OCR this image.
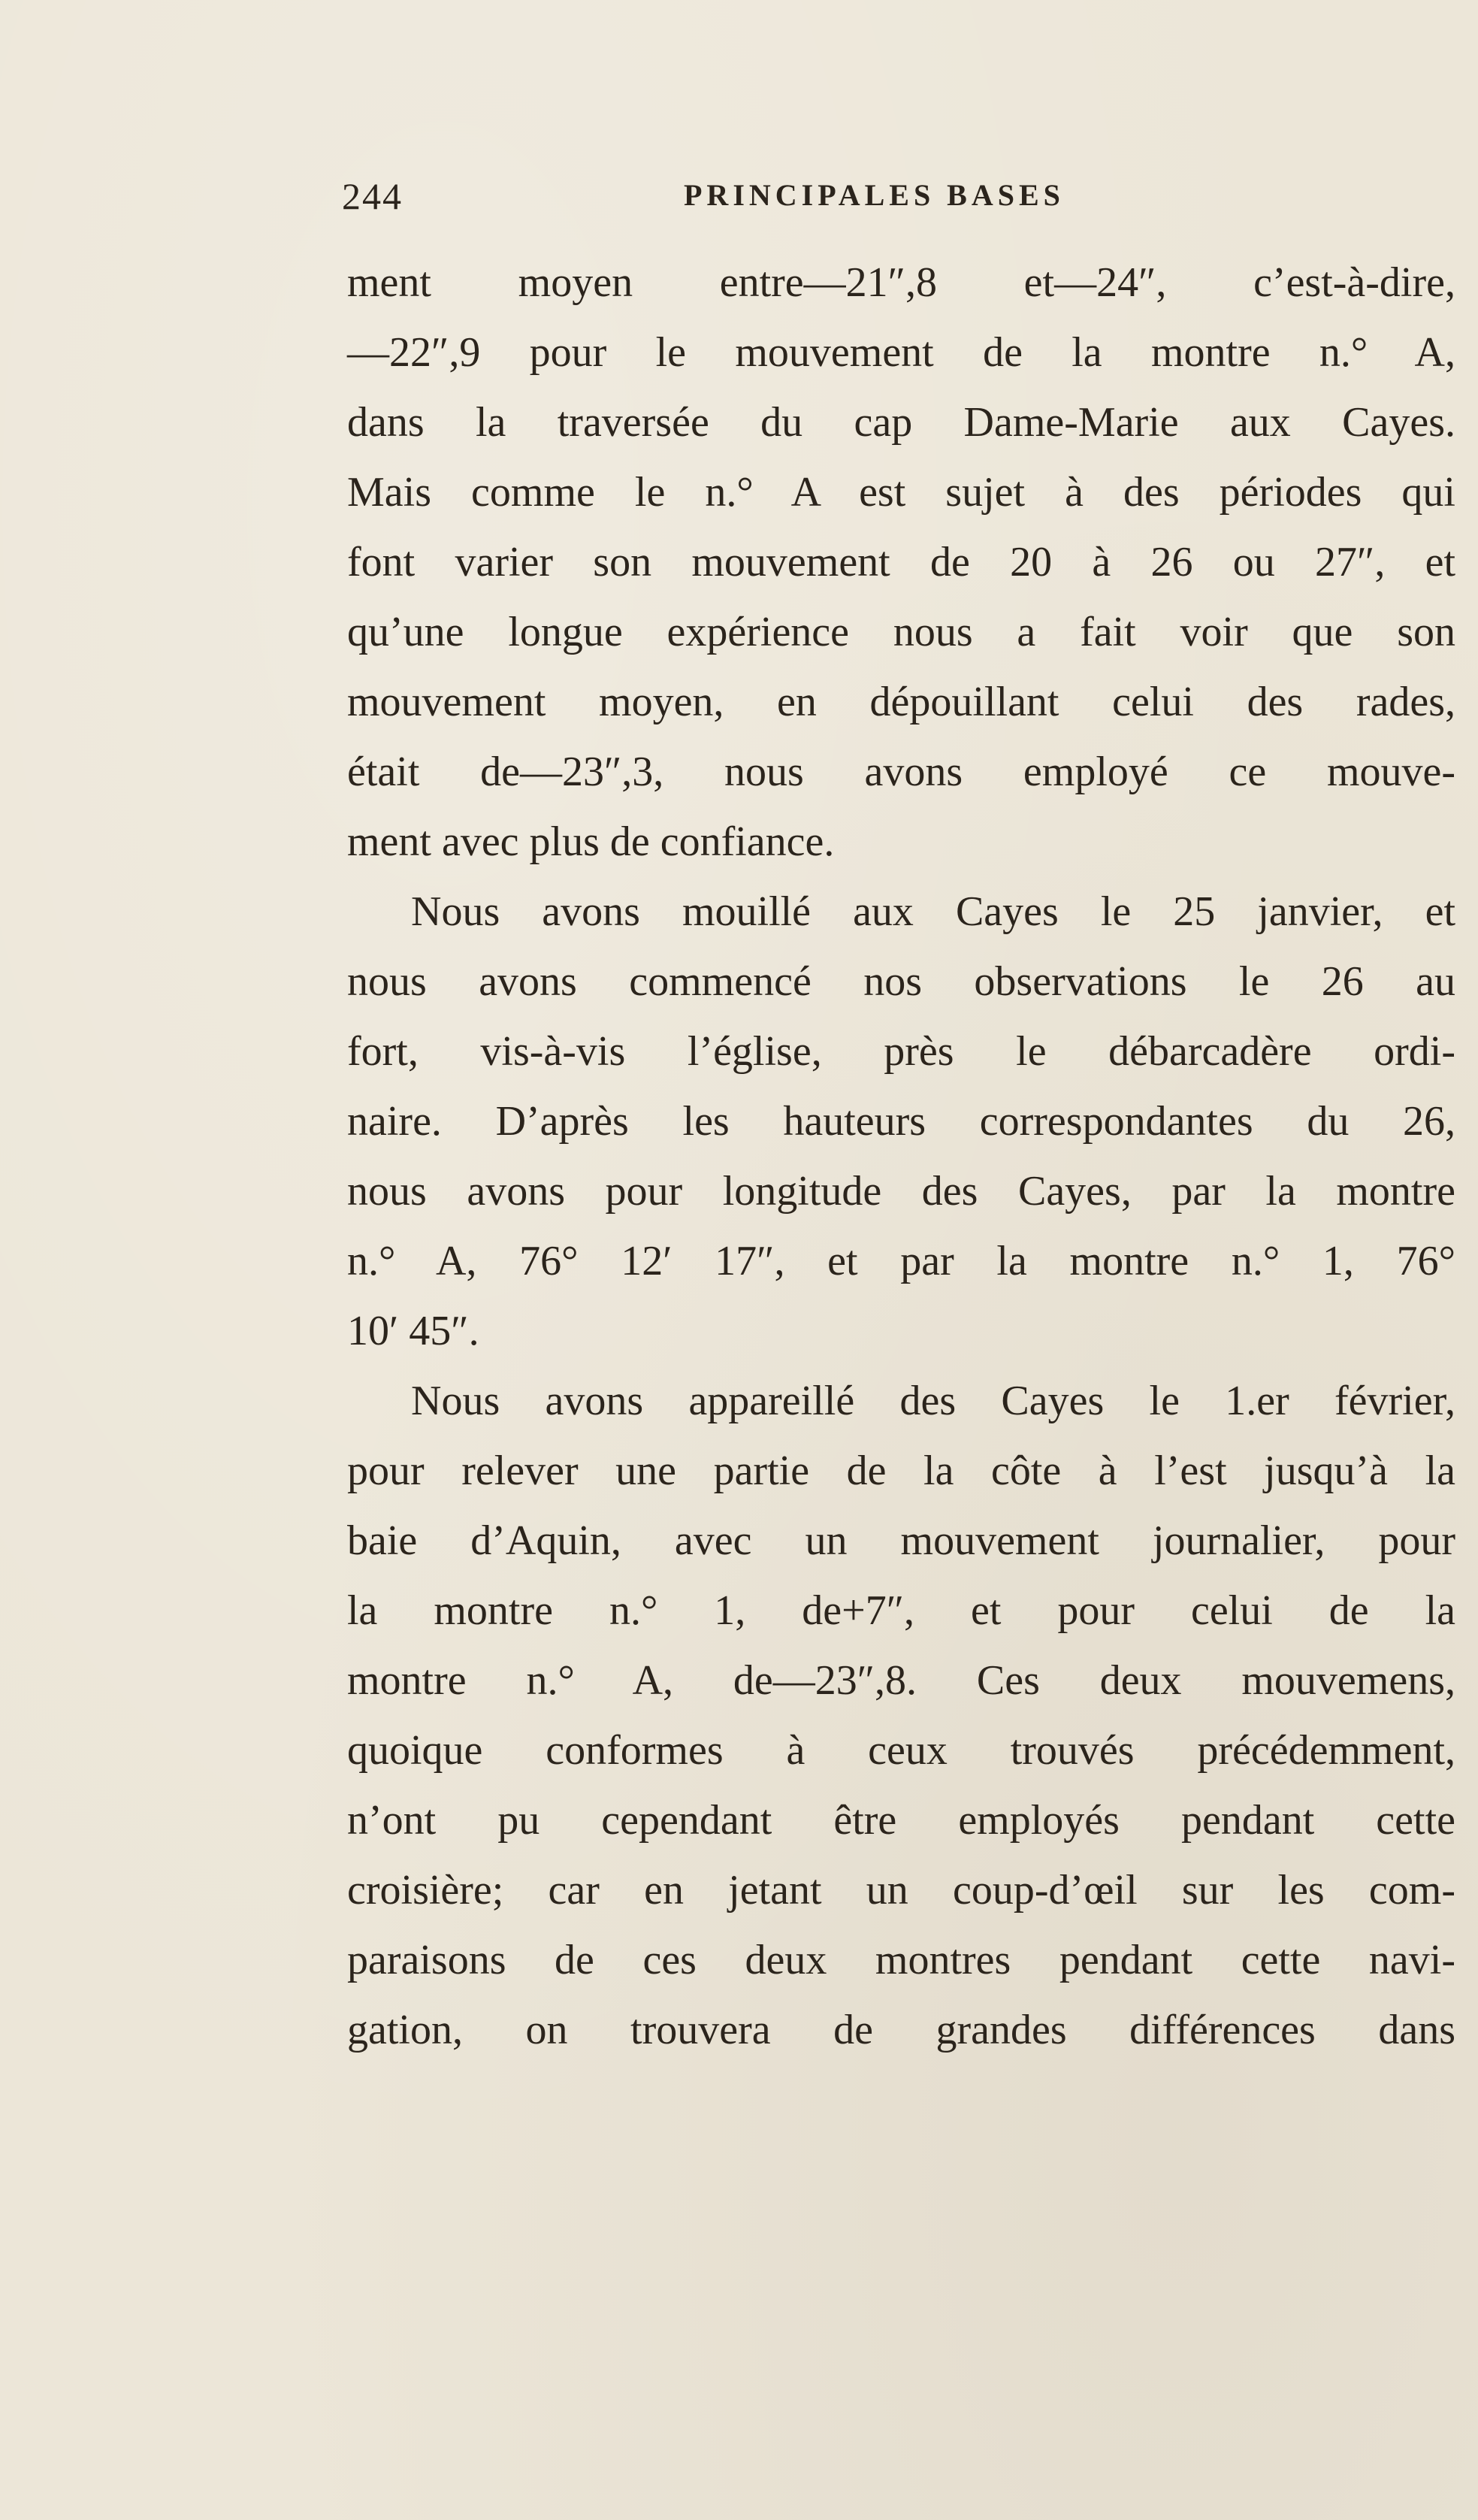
244	PRINCIPALES BASES
ment moyen entre—21″,8 et—24″, c’est-à-dire,
—22″,9 pour le mouvement de la montre n.° A,
dans la traversée du cap Dame-Marie aux Cayes.
Mais comme le n.° A est sujet à des périodes qui
font varier son mouvement de 20 à 26 ou 27″, et
qu’une longue expérience nous a fait voir que son
mouvement moyen, en dépouillant celui des rades,
était de—23″,3, nous avons employé ce mouve-
ment avec plus de confiance.
Nous avons mouillé aux Cayes le 25 janvier, et
nous avons commencé nos observations le 26 au
fort, vis-à-vis l’église, près le débarcadère ordi-
naire. D’après les hauteurs correspondantes du 26,
nous avons pour longitude des Cayes, par la montre
n.° A, 76° 12′ 17″, et par la montre n.° 1, 76°
10′ 45″.
Nous avons appareillé des Cayes le 1.er février,
pour relever une partie de la côte à l’est jusqu’à la
baie d’Aquin, avec un mouvement journalier, pour
la montre n.° 1, de+7″, et pour celui de la
montre n.° A, de—23″,8. Ces deux mouvemens,
quoique conformes à ceux trouvés précédemment,
n’ont pu cependant être employés pendant cette
croisière; car en jetant un coup-d’œil sur les com-
paraisons de ces deux montres pendant cette navi-
gation, on trouvera de grandes différences dans
